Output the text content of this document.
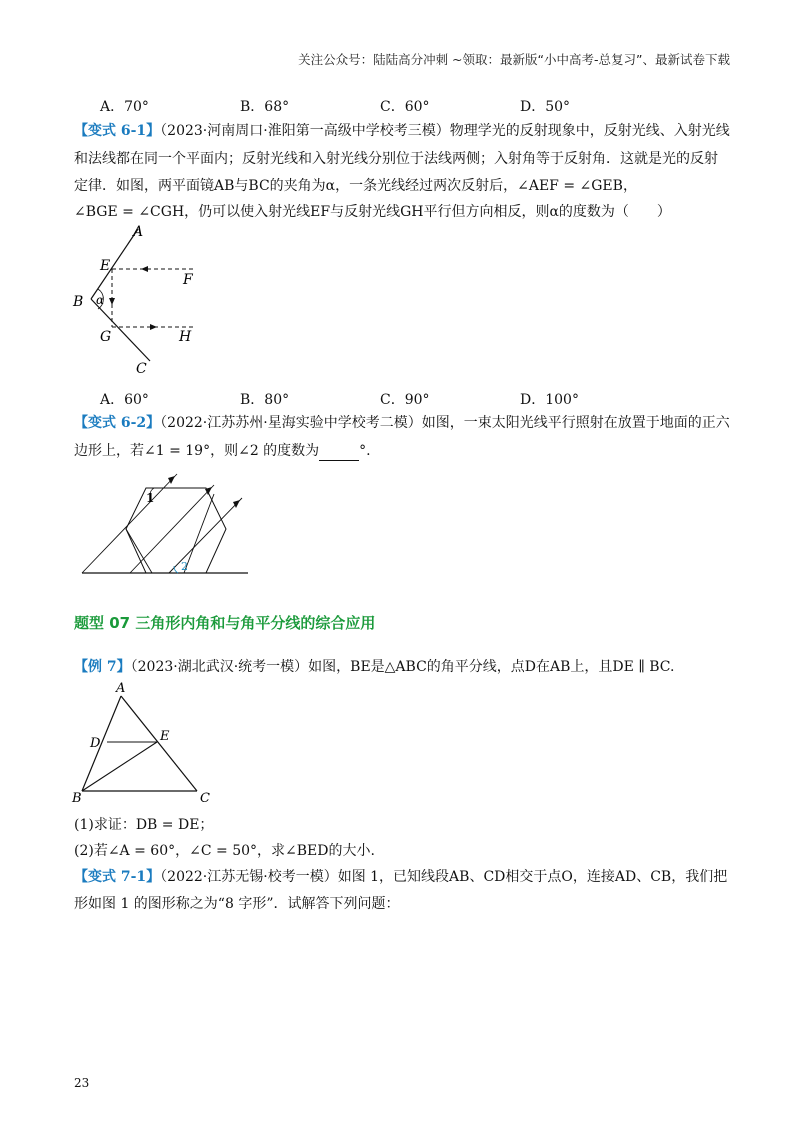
关注公众号：陆陆高分冲刺 ~领取：最新版“小中高考-总复习”、最新试卷下载
A．70°	B．68°	C．60°	D．50°
【变式 6-1】（2023·河南周口·淮阳第一高级中学校考三模）物理学光的反射现象中，反射光线、入射光线
和法线都在同一个平面内；反射光线和入射光线分别位于法线两侧；入射角等于反射角．这就是光的反射
定律．如图，两平面镜AB与BC的夹角为α，一条光线经过两次反射后，∠AEF = ∠GEB，
∠BGE = ∠CGH，仍可以使入射光线EF与反射光线GH平行但方向相反，则α的度数为（　　）
A
E
F
B α
G	H
C
A．60°	B．80°	C．90°	D．100°
【变式 6-2】（2022·江苏苏州·星海实验中学校考二模）如图，一束太阳光线平行照射在放置于地面的正六
边形上，若∠1 = 19°，则∠2 的度数为	°.
1
2
题型 07 三角形内角和与角平分线的综合应用
【例 7】（2023·湖北武汉·统考一模）如图，BE是△ABC的角平分线，点D在AB上，且DE ∥ BC.
A
D	E
B	C
(1)求证：DB = DE；
(2)若∠A = 60°，∠C = 50°，求∠BED的大小.
【变式 7-1】（2022·江苏无锡·校考一模）如图 1，已知线段AB、CD相交于点O，连接AD、CB，我们把
形如图 1 的图形称之为“8 字形”．试解答下列问题：
23
